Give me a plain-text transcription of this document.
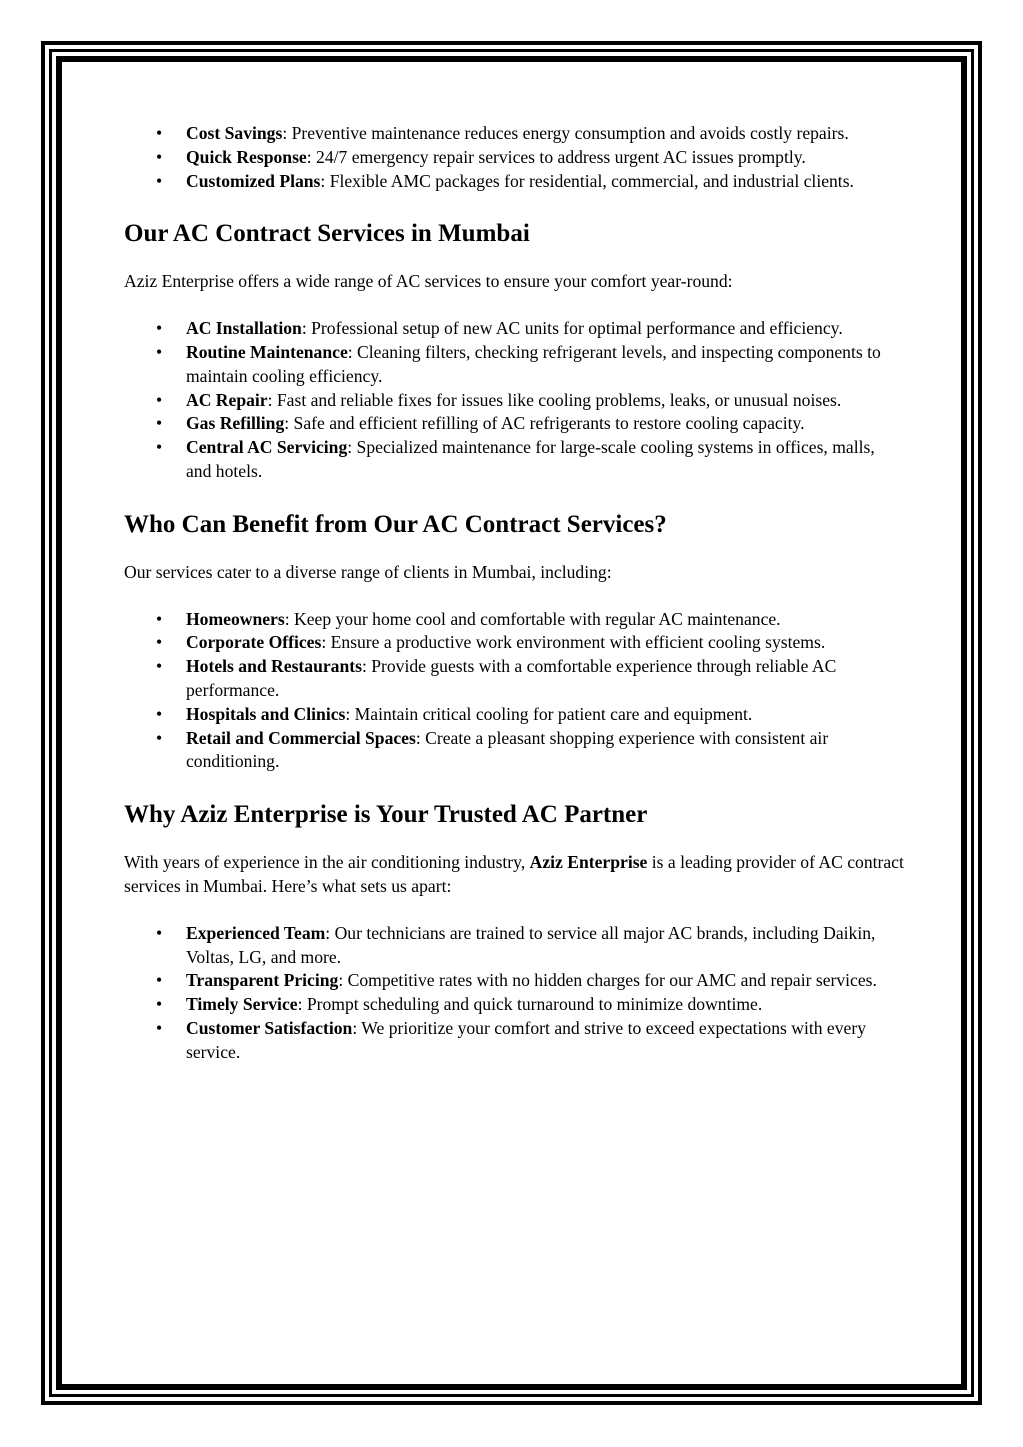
• Cost Savings: Preventive maintenance reduces energy consumption and avoids costly repairs.
• Quick Response: 24/7 emergency repair services to address urgent AC issues promptly.
• Customized Plans: Flexible AMC packages for residential, commercial, and industrial clients.
Our AC Contract Services in Mumbai

Aziz Enterprise offers a wide range of AC services to ensure your comfort year-round:

• AC Installation: Professional setup of new AC units for optimal performance and efficiency.
• Routine Maintenance: Cleaning filters, checking refrigerant levels, and inspecting components to maintain cooling efficiency.
• AC Repair: Fast and reliable fixes for issues like cooling problems, leaks, or unusual noises.
• Gas Refilling: Safe and efficient refilling of AC refrigerants to restore cooling capacity.
• Central AC Servicing: Specialized maintenance for large-scale cooling systems in offices, malls, and hotels.
Who Can Benefit from Our AC Contract Services?

Our services cater to a diverse range of clients in Mumbai, including:

• Homeowners: Keep your home cool and comfortable with regular AC maintenance.
• Corporate Offices: Ensure a productive work environment with efficient cooling systems.
• Hotels and Restaurants: Provide guests with a comfortable experience through reliable AC performance.
• Hospitals and Clinics: Maintain critical cooling for patient care and equipment.
• Retail and Commercial Spaces: Create a pleasant shopping experience with consistent air conditioning.
Why Aziz Enterprise is Your Trusted AC Partner

With years of experience in the air conditioning industry, Aziz Enterprise is a leading provider of AC contract services in Mumbai. Here’s what sets us apart:

• Experienced Team: Our technicians are trained to service all major AC brands, including Daikin, Voltas, LG, and more.
• Transparent Pricing: Competitive rates with no hidden charges for our AMC and repair services.
• Timely Service: Prompt scheduling and quick turnaround to minimize downtime.
• Customer Satisfaction: We prioritize your comfort and strive to exceed expectations with every service.
